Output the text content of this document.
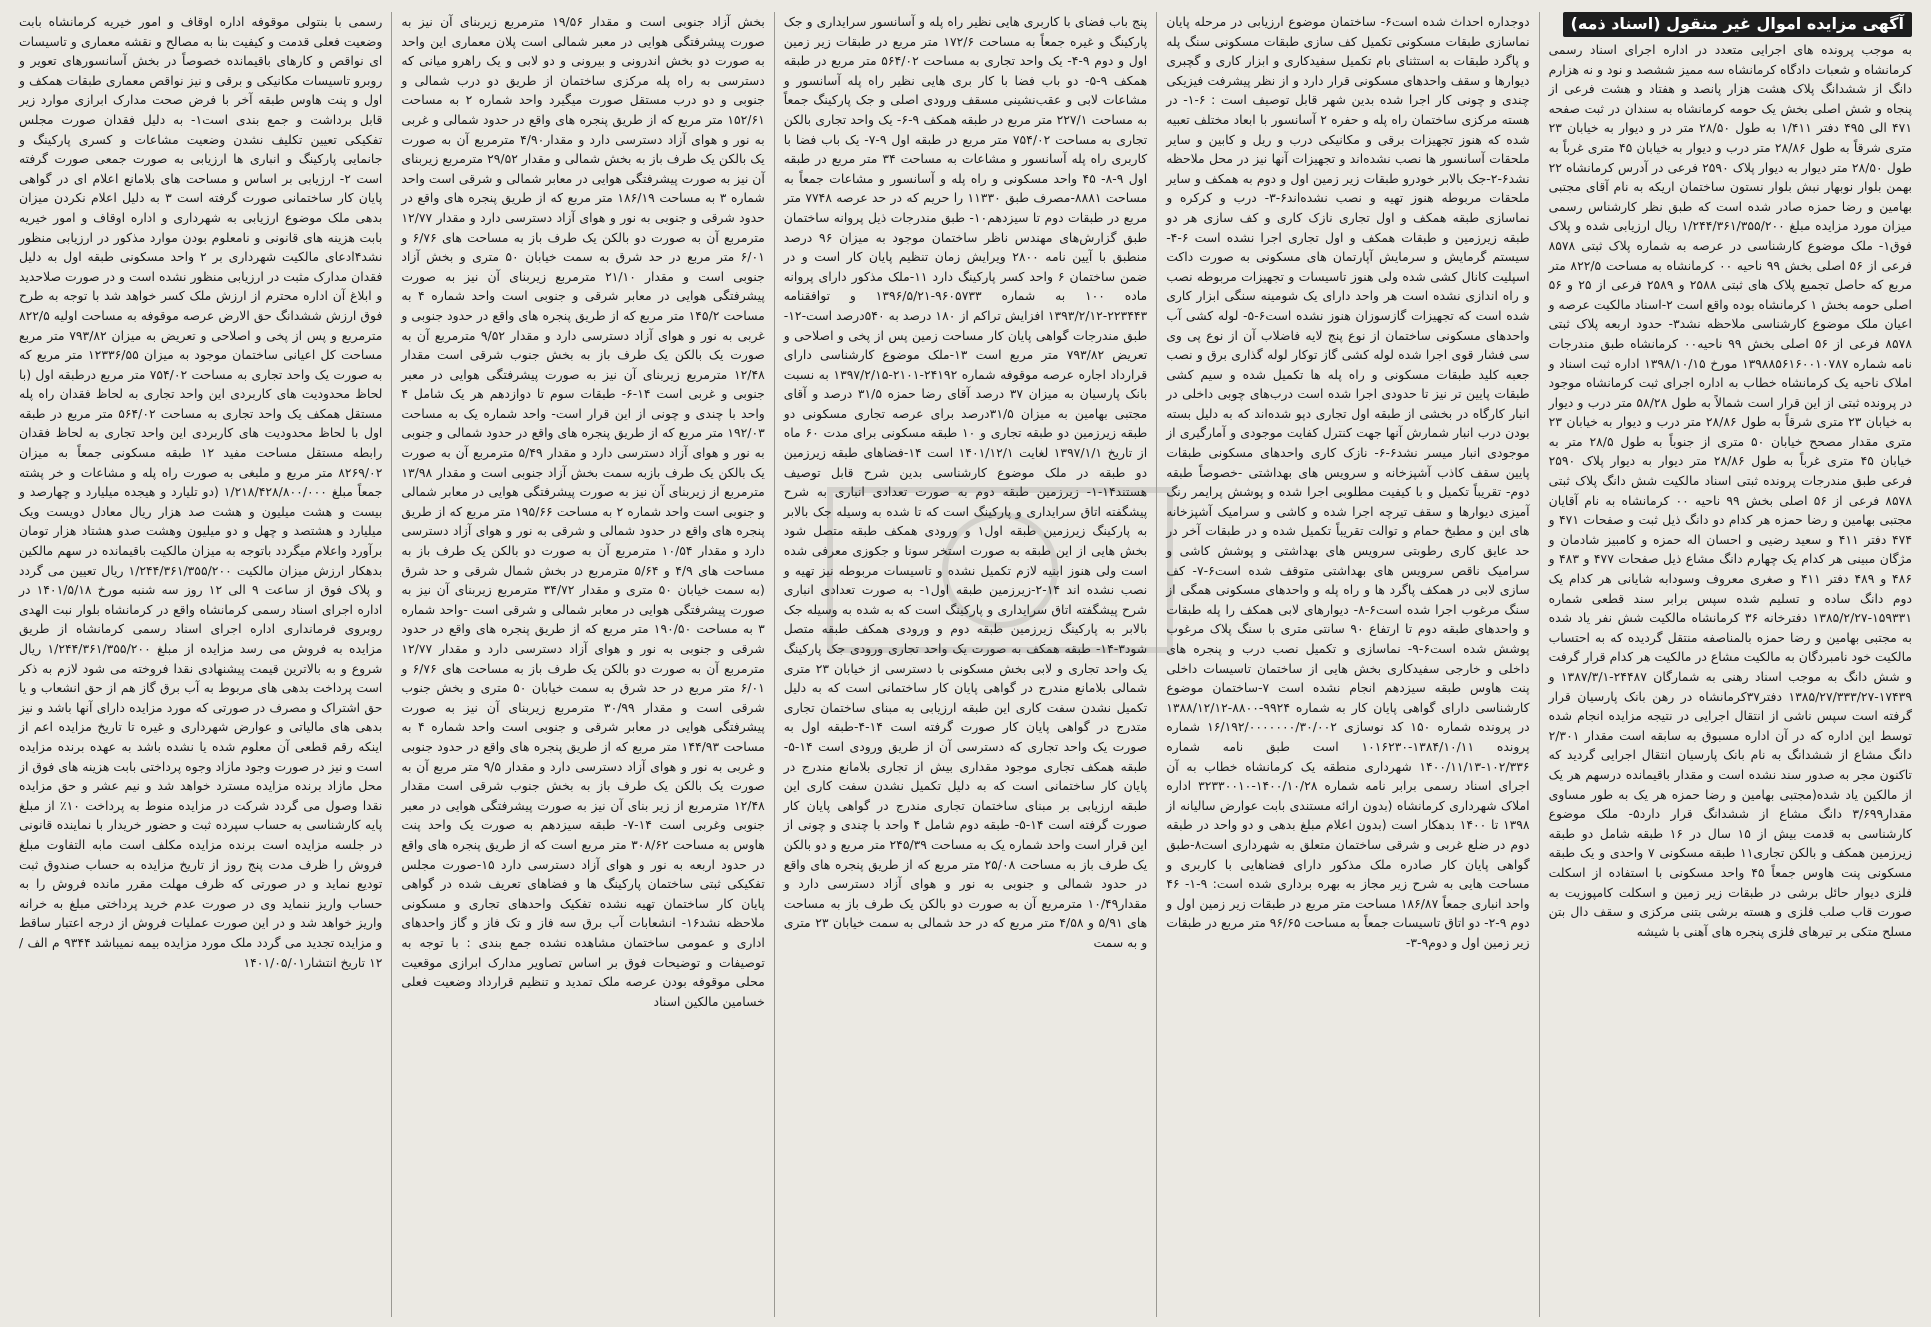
آگهی مزایده اموال غیر منقول (اسناد ذمه)

به موجب پرونده های اجرایی متعدد در اداره اجرای اسناد رسمی کرمانشاه و شعبات دادگاه کرمانشاه سه ممیز ششصد و نود و نه هزارم دانگ از ششدانگ پلاک هشت هزار پانصد و هفتاد و هشت فرعی از پنجاه و شش اصلی بخش یک حومه کرمانشاه به سندان در ثبت صفحه ۴۷۱ الی ۴۹۵ دفتر ۱/۴۱۱ به طول ۲۸/۵۰ متر در و دیوار به خیابان ۲۳ متری شرقاً به طول ۲۸/۸۶ متر درب و دیوار به خیابان ۴۵ متری غرباً به طول ۲۸/۵۰ متر دیوار به دیوار پلاک ۲۵۹۰ فرعی در آدرس کرمانشاه ۲۲ بهمن بلوار نوبهار نبش بلوار نستون ساختمان اریکه به نام آقای مجتبی بهامین و رضا حمزه صادر شده است که طبق نظر کارشناس رسمی میزان مورد مزایده مبلغ ۱/۲۴۴/۳۶۱/۳۵۵/۲۰۰ ریال ارزیابی شده و پلاک فوق۱- ملک موضوع کارشناسی در عرصه به شماره پلاک ثبتی ۸۵۷۸ فرعی از ۵۶ اصلی بخش ۹۹ ناحیه ۰۰ کرمانشاه به مساحت ۸۲۲/۵ متر مربع که حاصل تجمیع پلاک های ثبتی ۲۵۸۸ و ۲۵۸۹ فرعی از ۲۵ و ۵۶ اصلی حومه بخش ۱ کرمانشاه بوده واقع است ۲-اسناد مالکیت عرصه و اعیان ملک موضوع کارشناسی ملاحظه نشد۳- حدود اربعه پلاک ثبتی ۸۵۷۸ فرعی از ۵۶ اصلی بخش ۹۹ ناحیه۰۰ کرمانشاه طبق مندرجات نامه شماره ۱۳۹۸۸۵۶۱۶۰۰۱۰۷۸۷ مورخ ۱۳۹۸/۱۰/۱۵ اداره ثبت اسناد و املاک ناحیه یک کرمانشاه خطاب به اداره اجرای ثبت کرمانشاه موجود در پرونده ثبتی از این قرار است شمالاً به طول ۵۸/۲۸ متر درب و دیوار به خیابان ۲۳ متری شرقاً به طول ۲۸/۸۶ متر درب و دیوار به خیابان ۲۳ متری مقدار مصحح خیابان ۵۰ متری از جنوباً به طول ۲۸/۵ متر به خیابان ۴۵ متری غرباً به طول ۲۸/۸۶ متر دیوار به دیوار پلاک ۲۵۹۰ فرعی طبق مندرجات پرونده ثبتی اسناد مالکیت شش دانگ پلاک ثبتی ۸۵۷۸ فرعی از ۵۶ اصلی بخش ۹۹ ناحیه ۰۰ کرمانشاه به نام آقایان مجتبی بهامین و رضا حمزه هر کدام دو دانگ ذیل ثبت و صفحات ۴۷۱ و ۴۷۴ دفتر ۴۱۱ و سعید رضیی و احسان اله حمزه و کامبیز شادمان و مژگان مبینی هر کدام یک چهارم دانگ مشاع ذیل صفحات ۴۷۷ و ۴۸۳ و ۴۸۶ و ۴۸۹ دفتر ۴۱۱ و صغری معروف وسودابه شایانی هر کدام یک دوم دانگ ساده و تسلیم شده سپس برابر سند قطعی شماره ۱۵۹۳۳۱-۱۳۸۵/۲/۲۷ دفترخانه ۳۶ کرمانشاه مالکیت شش نفر یاد شده به مجتبی بهامین و رضا حمزه بالمناصفه منتقل گردیده که به احتساب مالکیت خود نامبردگان به مالکیت مشاع در مالکیت هر کدام قرار گرفت و شش دانگ به موجب اسناد رهنی به شمارگان ۲۴۴۸۷-۱۳۸۷/۳/۱ و ۱۷۴۳۹-۱۳۸۵/۲۷/۳۳۳/۲۷ دفتر۳۷کرمانشاه در رهن بانک پارسیان قرار گرفته است سپس ناشی از انتقال اجرایی در نتیجه مزایده انجام شده توسط این اداره که در آن اداره مسبوق به سابقه است مقدار ۲/۳۰۱ دانگ مشاع از ششدانگ به نام بانک پارسیان انتقال اجرایی گردید که تاکنون مجر به صدور سند نشده است و مقدار باقیمانده درسهم هر یک از مالکین یاد شده(مجتبی بهامین و رضا حمزه هر یک به طور مساوی مقدار۳/۶۹۹ دانگ مشاع از ششدانگ قرار دارد۵- ملک موضوع کارشناسی به قدمت بیش از ۱۵ سال در ۱۶ طبقه شامل دو طبقه زیرزمین همکف و بالکن تجاری۱۱ طبقه مسکونی ۷ واحدی و یک طبقه مسکونی پنت هاوس جمعاً ۴۵ واحد مسکونی با استفاده از اسکلت فلزی دیوار حائل برشی در طبقات زیر زمین و اسکلت کامپوزیت به صورت قاب صلب فلزی و هسته برشی بتنی مرکزی و سقف دال بتن مسلح متکی بر تیرهای فلزی پنجره های آهنی با شیشه

دوجداره احداث شده است۶- ساختمان موضوع ارزیابی در مرحله پایان نماسازی طبقات مسکونی تکمیل کف سازی طبقات مسکونی سنگ پله و پاگرد طبقات به استثنای بام تکمیل سفیدکاری و ابزار کاری و گچبری دیوارها و سقف واحدهای مسکونی قرار دارد و از نظر پیشرفت فیزیکی چندی و چونی کار اجرا شده بدین شهر قابل توصیف است : ۶-۱- در هسته مرکزی ساختمان راه پله و حفره ۲ آسانسور با ابعاد مختلف تعبیه شده که هنوز تجهیزات برقی و مکانیکی درب و ریل و کابین و سایر ملحقات آسانسور ها نصب نشده‌اند و تجهیزات آنها نیز در محل ملاحظه نشد۶-۲-جک بالابر خودرو طبقات زیر زمین اول و دوم به همکف و سایر ملحقات مربوطه هنوز تهیه و نصب نشده‌اند۶-۳- درب و کرکره و نماسازی طبقه همکف و اول تجاری نازک کاری و کف سازی هر دو طبقه زیرزمین و طبقات همکف و اول تجاری اجرا نشده است ۶-۴- سیستم گرمایش و سرمایش آپارتمان های مسکونی به صورت داکت اسپلیت کانال کشی شده ولی هنوز تاسیسات و تجهیزات مربوطه نصب و راه اندازی نشده است هر واحد دارای یک شومینه سنگی ابزار کاری شده است که تجهیزات گازسوزان هنوز نشده است۶-۵- لوله کشی آب واحدهای مسکونی ساختمان از نوع پنج لایه فاضلاب آن از نوع پی وی سی فشار قوی اجرا شده لوله کشی گاز توکار لوله گذاری برق و نصب جعبه کلید طبقات مسکونی و راه پله ها تکمیل شده و سیم کشی طبقات پایین تر نیز تا حدودی اجرا شده است درب‌های چوبی داخلی در انبار کارگاه در بخشی از طبقه اول تجاری دپو شده‌اند که به دلیل بسته بودن درب انبار شمارش آنها جهت کنترل کفایت موجودی و آمارگیری از موجودی انبار میسر نشد۶-۶- نازک کاری واحدهای مسکونی طبقات پایین سقف کاذب آشپزخانه و سرویس های بهداشتی -خصوصاً طبقه دوم- تقریباً تکمیل و با کیفیت مطلوبی اجرا شده و پوشش پرایمر رنگ آمیزی دیوارها و سقف تیرچه اجرا شده و کاشی و سرامیک آشپزخانه های این و مطبخ حمام و توالت تقریباً تکمیل شده و در طبقات آخر در حد عایق کاری رطوبتی سرویس های بهداشتی و پوشش کاشی و سرامیک ناقص سرویس های بهداشتی متوقف شده است۶-۷- کف سازی لابی در همکف پاگرد ها و راه پله و واحدهای مسکونی همگی از سنگ مرغوب اجرا شده است۶-۸- دیوارهای لابی همکف را پله طبقات و واحدهای طبقه دوم تا ارتفاع ۹۰ سانتی متری با سنگ پلاک مرغوب پوشش شده است۶-۹- نماسازی و تکمیل نصب درب و پنجره های داخلی و خارجی سفیدکاری بخش هایی از ساختمان تاسیسات داخلی پنت هاوس طبقه سیزدهم انجام نشده است ۷-ساختمان موضوع کارشناسی دارای گواهی پایان کار به شماره ۹۹۲۴-۸۸۰۰-۱۳۸۸/۱۲/۱۲ در پرونده شماره ۱۵۰ کد نوسازی ۱۶/۱۹۲/۰۰۰۰۰۰۰/۳۰/۰۰۲ شماره پرونده ۱۳۸۴/۱۰/۱۱-۱۰۱۶۲۳۰ است طبق نامه شماره ۱۰۲/۳۳۶-۱۴۰۰/۱۱/۱۳ شهرداری منطقه یک کرمانشاه خطاب به آن اجرای اسناد رسمی برابر نامه شماره ۱۴۰۰/۱۰/۲۸-۳۲۳۳۰۰۱۰ اداره املاک شهرداری کرمانشاه (بدون ارائه مستندی بابت عوارض سالیانه از ۱۳۹۸ تا ۱۴۰۰ بدهکار است (بدون اعلام مبلغ بدهی و دو واحد در طبقه دوم در ضلع غربی و شرقی ساختمان متعلق به شهرداری است۸-طبق گواهی پایان کار صادره ملک مذکور دارای فضاهایی با کاربری و مساحت هایی به شرح زیر مجاز به بهره برداری شده است: ۹-۱- ۴۶ واحد انباری جمعاً ۱۸۶/۸۷ مساحت متر مربع در طبقات زیر زمین اول و دوم ۹-۲- دو اتاق تاسیسات جمعاً به مساحت ۹۶/۶۵ متر مربع در طبقات زیر زمین اول و دوم۹-۳-

پنج باب فضای با کاربری هایی نظیر راه پله و آسانسور سرایداری و جک پارکینگ و غیره جمعاً به مساحت ۱۷۲/۶ متر مربع در طبقات زیر زمین اول و دوم ۹-۴- یک واحد تجاری به مساحت ۵۶۴/۰۲ متر مربع در طبقه همکف ۹-۵- دو باب فضا با کار بری هایی نظیر راه پله آسانسور و مشاعات لابی و عقب‌نشینی مسقف ورودی اصلی و جک پارکینگ جمعاً به مساحت ۲۲۷/۱ متر مربع در طبقه همکف ۹-۶- یک واحد تجاری بالکن تجاری به مساحت ۷۵۴/۰۲ متر مربع در طبقه اول ۹-۷- یک باب فضا با کاربری راه پله آسانسور و مشاعات به مساحت ۳۴ متر مربع در طبقه اول ۹-۸- ۴۵ واحد مسکونی و راه پله و آسانسور و مشاعات جمعاً به مساحت ۸۸۸۱-مصرف طبق ۱۱۳۳۰ را حریم که در حد عرصه ۷۷۴۸ متر مربع در طبقات دوم تا سیزدهم۱۰- طبق مندرجات ذیل پروانه ساختمان طبق گزارش‌های مهندس ناظر ساختمان موجود به میزان ۹۶ درصد منطبق با آیین نامه ۲۸۰۰ ویرایش زمان تنظیم پایان کار است و در ضمن ساختمان ۶ واحد کسر پارکینگ دارد ۱۱-ملک مذکور دارای پروانه ماده ۱۰۰ به شماره ۹۶۰۵۷۳۳-۱۳۹۶/۵/۲۱ و توافقنامه ۲۲۳۴۴۳-۱۳۹۳/۲/۱۲ افزایش تراکم از ۱۸۰ درصد به ۵۴۰درصد است-۱۲- طبق مندرجات گواهی پایان کار مساحت زمین پس از پخی و اصلاحی و تعریض ۷۹۳/۸۲ متر مربع است ۱۳-ملک موضوع کارشناسی دارای قرارداد اجاره عرصه موقوفه شماره ۲۴۱۹۲-۲۱۰۱-۱۳۹۷/۲/۱۵ به نسبت بانک پارسیان به میزان ۳۷ درصد آقای رضا حمزه ۳۱/۵ درصد و آقای مجتبی بهامین به میزان ۳۱/۵درصد برای عرصه تجاری مسکونی دو طبقه زیرزمین دو طبقه تجاری و ۱۰ طبقه مسکونی برای مدت ۶۰ ماه از تاریخ ۱۳۹۷/۱/۱ لغایت ۱۴۰۱/۱۲/۱ است ۱۴-فضاهای طبقه زیرزمین دو طبقه در ملک موضوع کارشناسی بدین شرح قابل توصیف هستند۱۴-۱- زیرزمین طبقه دوم به صورت تعدادی انباری به شرح پیشگفته اتاق سرایداری و پارکینگ است که تا شده به وسیله جک بالابر به پارکینگ زیرزمین طبقه اول۱ و ورودی همکف طبقه متصل شود بخش هایی از این طبقه به صورت استخر سونا و جکوزی معرفی شده است ولی هنوز ابنیه لازم تکمیل نشده و تاسیسات مربوطه نیز تهیه و نصب نشده اند ۱۴-۲-زیرزمین طبقه اول۱- به صورت تعدادی انباری شرح پیشگفته اتاق سرایداری و پارکینگ است که به شده به وسیله جک بالابر به پارکینگ زیرزمین طبقه دوم و ورودی همکف طبقه متصل شود۳-۱۴- طبقه همکف به صورت یک واحد تجاری ورودی جک پارکینگ یک واحد تجاری و لابی بخش مسکونی با دسترسی از خیابان ۲۳ متری شمالی بلامانع مندرج در گواهی پایان کار ساختمانی است که به دلیل تکمیل نشدن سفت کاری این طبقه ارزیابی به مبنای ساختمان تجاری متدرج در گواهی پایان کار صورت گرفته است ۱۴-۴-طبقه اول به صورت یک واحد تجاری که دسترسی آن از طریق ورودی است ۱۴-۵- طبقه همکف تجاری موجود مقداری بیش از تجاری بلامانع مندرج در پایان کار ساختمانی است که به دلیل تکمیل نشدن سفت کاری این طبقه ارزیابی بر مبنای ساختمان تجاری مندرج در گواهی پایان کار صورت گرفته است ۱۴-۵- طبقه دوم شامل ۴ واحد با چندی و چونی از این قرار است واحد شماره یک به مساحت ۲۴۵/۳۹ متر مربع و دو بالکن یک طرف باز به مساحت ۲۵/۰۸ متر مربع که از طریق پنجره های واقع در حدود شمالی و جنوبی به نور و هوای آزاد دسترسی دارد و مقدار۱۰/۴۹ مترمربع آن به صورت دو بالکن یک طرف باز به مساحت های ۵/۹۱ و ۴/۵۸ متر مربع که در حد شمالی به سمت خیابان ۲۳ متری و به سمت

بخش آزاد جنوبی است و مقدار ۱۹/۵۶ مترمربع زیربنای آن نیز به صورت پیشرفتگی هوایی در معبر شمالی است پلان معماری این واحد به صورت دو بخش اندرونی و بیرونی و دو لابی و یک راهرو میانی که دسترسی به راه پله مرکزی ساختمان از طریق دو درب شمالی و جنوبی و دو درب مستقل صورت میگیرد واحد شماره ۲ به مساحت ۱۵۲/۶۱ متر مربع که از طریق پنجره های واقع در حدود شمالی و غربی به نور و هوای آزاد دسترسی دارد و مقدار۴/۹۰ مترمربع آن به صورت یک بالکن یک طرف باز به بخش شمالی و مقدار ۲۹/۵۲ مترمربع زیربنای آن نیز به صورت پیشرفتگی هوایی در معابر شمالی و شرقی است واحد شماره ۳ به مساحت ۱۸۶/۱۹ متر مربع که از طریق پنجره های واقع در حدود شرقی و جنوبی به نور و هوای آزاد دسترسی دارد و مقدار ۱۲/۷۷ مترمربع آن به صورت دو بالکن یک طرف باز به مساحت های ۶/۷۶ و ۶/۰۱ متر مربع در حد شرق به سمت خیابان ۵۰ متری و بخش آزاد جنوبی است و مقدار ۲۱/۱۰ مترمربع زیربنای آن نیز به صورت پیشرفتگی هوایی در معابر شرقی و جنوبی است واحد شماره ۴ به مساحت ۱۴۵/۲ متر مربع که از طریق پنجره های واقع در حدود جنوبی و غربی به نور و هوای آزاد دسترسی دارد و مقدار ۹/۵۲ مترمربع آن به صورت یک بالکن یک طرف باز به بخش جنوب شرقی است مقدار ۱۲/۴۸ مترمربع زیربنای آن نیز به صورت پیشرفتگی هوایی در معبر جنوبی و غربی است ۱۴-۶- طبقات سوم تا دوازدهم هر یک شامل ۴ واحد با چندی و چونی از این قرار است- واحد شماره یک به مساحت ۱۹۲/۰۳ متر مربع که از طریق پنجره های واقع در حدود شمالی و جنوبی به نور و هوای آزاد دسترسی دارد و مقدار ۵/۴۹ مترمربع آن به صورت یک بالکن یک طرف بازبه سمت بخش آزاد جنوبی است و مقدار ۱۳/۹۸ مترمربع از زیربنای آن نیز به صورت پیشرفتگی هوایی در معابر شمالی و جنوبی است واحد شماره ۲ به مساحت ۱۹۵/۶۶ متر مربع که از طریق پنجره های واقع در حدود شمالی و شرقی به نور و هوای آزاد دسترسی دارد و مقدار ۱۰/۵۴ مترمربع آن به صورت دو بالکن یک طرف باز به مساحت های ۴/۹ و ۵/۶۴ مترمربع در بخش شمال شرقی و حد شرق (به سمت خیابان ۵۰ متری و مقدار ۳۴/۷۲ مترمربع زیربنای آن نیز به صورت پیشرفتگی هوایی در معابر شمالی و شرقی است -واحد شماره ۳ به مساحت ۱۹۰/۵۰ متر مربع که از طریق پنجره های واقع در حدود شرقی و جنوبی به نور و هوای آزاد دسترسی دارد و مقدار ۱۲/۷۷ مترمربع آن به صورت دو بالکن یک طرف باز به مساحت های ۶/۷۶ و ۶/۰۱ متر مربع در حد شرق به سمت خیابان ۵۰ متری و بخش جنوب شرقی است و مقدار ۳۰/۹۹ مترمربع زیربنای آن نیز به صورت پیشرفتگی هوایی در معابر شرقی و جنوبی است واحد شماره ۴ به مساحت ۱۴۴/۹۳ متر مربع که از طریق پنجره های واقع در حدود جنوبی و غربی به نور و هوای آزاد دسترسی دارد و مقدار ۹/۵ متر مربع آن به صورت یک بالکن یک طرف باز به بخش جنوب شرقی است مقدار ۱۲/۴۸ مترمربع از زیر بنای آن نیز به صورت پیشرفتگی هوایی در معبر جنوبی وغربی است ۱۴-۷- طبقه سیزدهم به صورت یک واحد پنت هاوس به مساحت ۳۰۸/۶۲ متر مربع است که از طریق پنجره های واقع در حدود اربعه به نور و هوای آزاد دسترسی دارد ۱۵-صورت مجلس تفکیکی ثبتی ساختمان پارکینگ ها و فضاهای تعریف شده در گواهی پایان کار ساختمان تهیه نشده تفکیک واحدهای تجاری و مسکونی ملاحظه نشد۱۶- انشعابات آب برق سه فاز و تک فاز و گاز واحدهای اداری و عمومی ساختمان مشاهده نشده جمع بندی : با توجه به توصیفات و توضیحات فوق بر اساس تصاویر مدارک ابرازی موقعیت محلی موقوفه بودن عرصه ملک تمدید و تنظیم قرارداد وضعیت فعلی خسامین مالکین اسناد

رسمی با بنتولی موقوفه اداره اوقاف و امور خیریه کرمانشاه بابت وضعیت فعلی قدمت و کیفیت بنا به مصالح و نقشه معماری و تاسیسات ای نواقص و کارهای باقیمانده خصوصاً در بخش آسانسورهای تعویر و روبرو تاسیسات مکانیکی و برقی و نیز نواقص معماری طبقات همکف و اول و پنت هاوس طبقه آخر با فرض صحت مدارک ابرازی موارد زیر قابل برداشت و جمع بندی است۱- به دلیل فقدان صورت مجلس تفکیکی تعیین تکلیف نشدن وضعیت مشاعات و کسری پارکینگ و جانمایی پارکینگ و انباری ها ارزیابی به صورت جمعی صورت گرفته است ۲- ارزیابی بر اساس و مساحت های بلامانع اعلام ای در گواهی پایان کار ساختمانی صورت گرفته است ۳ به دلیل اعلام نکردن میزان بدهی ملک موضوع ارزیابی به شهرداری و اداره اوقاف و امور خیریه بابت هزینه های قانونی و نامعلوم بودن موارد مذکور در ارزیابی منظور نشد۴ادعای مالکیت شهرداری بر ۲ واحد مسکونی طبقه اول به دلیل فقدان مدارک مثبت در ارزیابی منظور نشده است و در صورت صلاحدید و ابلاغ آن اداره محترم از ارزش ملک کسر خواهد شد با توجه به طرح فوق ارزش ششدانگ حق الارض عرصه موقوفه به مساحت اولیه ۸۲۲/۵ مترمربع و پس از پخی و اصلاحی و تعریض به میزان ۷۹۳/۸۲ متر مربع مساحت کل اعیانی ساختمان موجود به میزان ۱۲۳۳۶/۵۵ متر مربع که به صورت یک واحد تجاری به مساحت ۷۵۴/۰۲ متر مربع درطبقه اول (با لحاظ محدودیت های کاربردی این واحد تجاری به لحاظ فقدان راه پله مستقل همکف یک واحد تجاری به مساحت ۵۶۴/۰۲ متر مربع در طبقه اول با لحاظ محدودیت های کاربردی این واحد تجاری به لحاظ فقدان رابطه مستقل مساحت مفید ۱۲ طبقه مسکونی جمعاً به میزان ۸۲۶۹/۰۲ متر مربع و ملبغی به صورت راه پله و مشاعات و خر پشته جمعاً مبلغ ۱/۲۱۸/۴۲۸/۸۰۰/۰۰۰ (دو تلیارد و هیجده میلیارد و چهارصد و بیست و هشت میلیون و هشت صد هزار ریال معادل دویست ویک میلیارد و هشتصد و چهل و دو میلیون وهشت صدو هشتاد هزار تومان برآورد واعلام میگردد باتوجه به میزان مالکیت باقیمانده در سهم مالکین بدهکار ارزش میزان مالکیت ۱/۲۴۴/۳۶۱/۳۵۵/۲۰۰ ریال تعیین می گردد و پلاک فوق از ساعت ۹ الی ۱۲ روز سه شنبه مورخ ۱۴۰۱/۵/۱۸ در اداره اجرای اسناد رسمی کرمانشاه واقع در کرمانشاه بلوار نبت الهدی روبروی فرمانداری اداره اجرای اسناد رسمی کرمانشاه از طریق مزایده به فروش می رسد مزایده از مبلغ ۱/۲۴۴/۳۶۱/۳۵۵/۲۰۰ ریال شروع و به بالاترین قیمت پیشنهادی نقدا فروخته می شود لازم به ذکر است پرداخت بدهی های مربوط به آب برق گاز هم از حق انشعاب و یا حق اشتراک و مصرف در صورتی که مورد مزایده دارای آنها باشد و نیز بدهی های مالیاتی و عوارض شهرداری و غیره تا تاریخ مزایده اعم از اینکه رقم قطعی آن معلوم شده یا نشده باشد به عهده برنده مزایده است و نیز در صورت وجود مازاد وجوه پرداختی بابت هزینه های فوق از محل مازاد برنده مزایده مسترد خواهد شد و نیم عشر و حق مزایده نقدا وصول می گردد شرکت در مزایده منوط به پرداخت ۱۰٪ از مبلغ پایه کارشناسی به حساب سپرده ثبت و حضور خریدار با نماینده قانونی در جلسه مزایده است برنده مزایده مکلف است مابه التفاوت مبلغ فروش را ظرف مدت پنج روز از تاریخ مزایده به حساب صندوق ثبت تودیع نماید و در صورتی که ظرف مهلت مقرر مانده فروش را به حساب واریز ننماید وی در صورت عدم خرید پرداختی مبلغ به خرانه واریز خواهد شد و در این صورت عملیات فروش از درجه اعتبار ساقط و مزایده تجدید می گردد ملک مورد مزایده بیمه نمیباشد ۹۳۴۴ م الف / ۱۲ تاریخ انتشار۱۴۰۱/۰۵/۰۱
